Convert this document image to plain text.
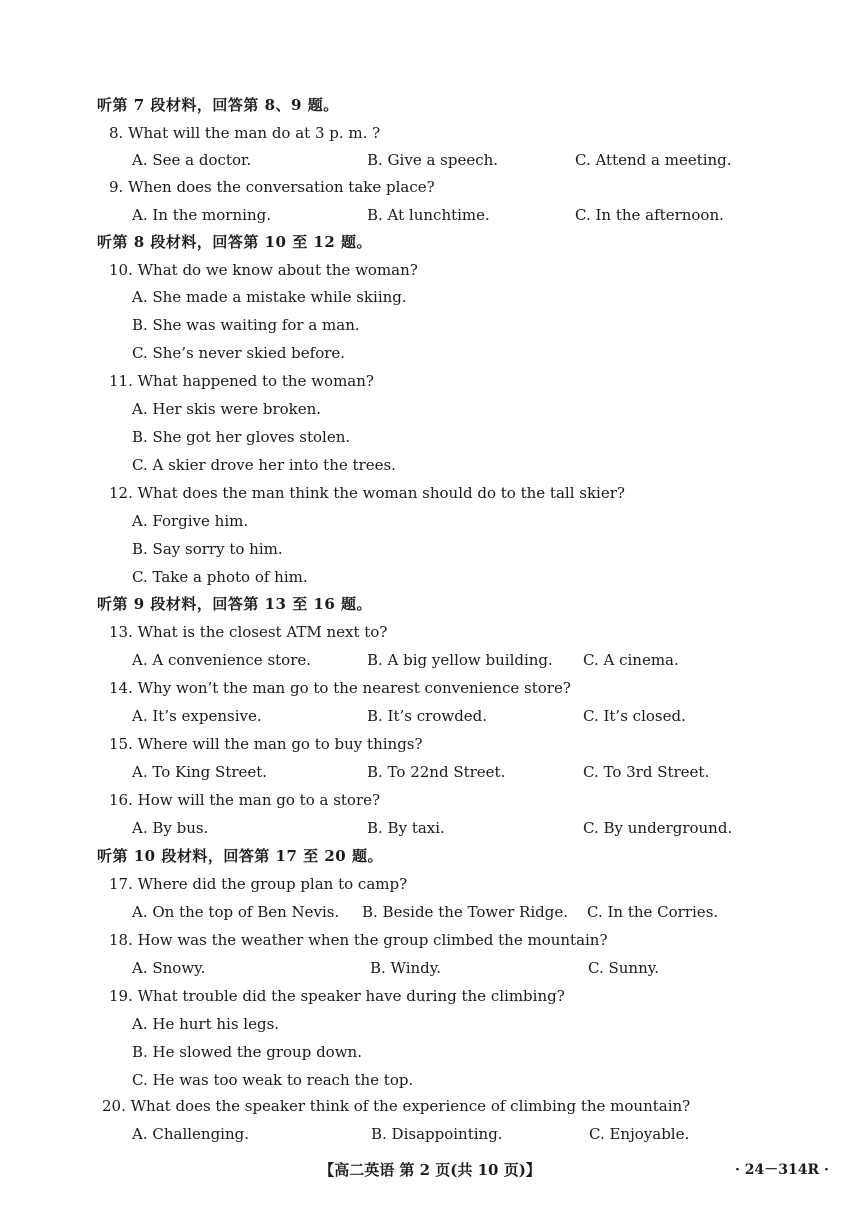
听第 7 段材料，回答第 8、9 题。
8. What will the man do at 3 p. m. ?
A. See a doctor.	B. Give a speech.	C. Attend a meeting.
9. When does the conversation take place?
A. In the morning.	B. At lunchtime.	C. In the afternoon.
听第 8 段材料，回答第 10 至 12 题。
10. What do we know about the woman?
A. She made a mistake while skiing.
B. She was waiting for a man.
C. She’s never skied before.
11. What happened to the woman?
A. Her skis were broken.
B. She got her gloves stolen.
C. A skier drove her into the trees.
12. What does the man think the woman should do to the tall skier?
A. Forgive him.
B. Say sorry to him.
C. Take a photo of him.
听第 9 段材料，回答第 13 至 16 题。
13. What is the closest ATM next to?
A. A convenience store.	B. A big yellow building. C. A cinema.
14. Why won’t the man go to the nearest convenience store?
A. It’s expensive.	B. It’s crowded.	C. It’s closed.
15. Where will the man go to buy things?
A. To King Street.	B. To 22nd Street.	C. To 3rd Street.
16. How will the man go to a store?
A. By bus.	B. By taxi.	C. By underground.
听第 10 段材料，回答第 17 至 20 题。
17. Where did the group plan to camp?
A. On the top of Ben Nevis. B. Beside the Tower Ridge. C. In the Corries.
18. How was the weather when the group climbed the mountain?
A. Snowy.	B. Windy.	C. Sunny.
19. What trouble did the speaker have during the climbing?
A. He hurt his legs.
B. He slowed the group down.
C. He was too weak to reach the top.
20. What does the speaker think of the experience of climbing the mountain?
A. Challenging.	B. Disappointing.	C. Enjoyable.
【高二英语 第 2 页(共 10 页)】	· 24－314R ·
